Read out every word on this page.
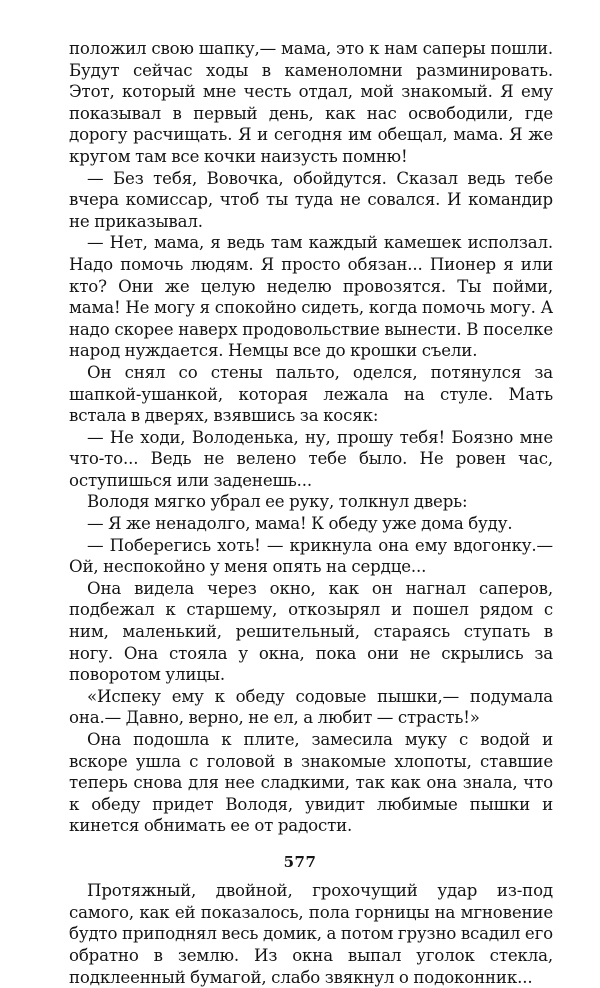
положил свою шапку,— мама, это к нам саперы пошли. Будут сейчас ходы в каменоломни разминировать. Этот, который мне честь отдал, мой знакомый. Я ему показывал в первый день, как нас освободили, где дорогу расчищать. Я и сегодня им обещал, мама. Я же кругом там все кочки наизусть помню!

— Без тебя, Вовочка, обойдутся. Сказал ведь тебе вчера комиссар, чтоб ты туда не совался. И командир не приказывал.

— Нет, мама, я ведь там каждый камешек исползал. Надо помочь людям. Я просто обязан... Пионер я или кто? Они же целую неделю провозятся. Ты пойми, мама! Не могу я спокойно сидеть, когда помочь могу. А надо скорее наверх продовольствие вынести. В поселке народ нуждается. Немцы все до крошки съели.

Он снял со стены пальто, оделся, потянулся за шапкой-ушанкой, которая лежала на стуле. Мать встала в дверях, взявшись за косяк:

— Не ходи, Володенька, ну, прошу тебя! Боязно мне что-то... Ведь не велено тебе было. Не ровен час, оступишься или заденешь...

Володя мягко убрал ее руку, толкнул дверь:

— Я же ненадолго, мама! К обеду уже дома буду.

— Поберегись хоть! — крикнула она ему вдогонку.— Ой, неспокойно у меня опять на сердце...

Она видела через окно, как он нагнал саперов, подбежал к старшему, откозырял и пошел рядом с ним, маленький, решительный, стараясь ступать в ногу. Она стояла у окна, пока они не скрылись за поворотом улицы.

«Испеку ему к обеду содовые пышки,— подумала она.— Давно, верно, не ел, а любит — страсть!»

Она подошла к плите, замесила муку с водой и вскоре ушла с головой в знакомые хлопоты, ставшие теперь снова для нее сладкими, так как она знала, что к обеду придет Володя, увидит любимые пышки и кинется обнимать ее от радости.

Протяжный, двойной, грохочущий удар из-под самого, как ей показалось, пола горницы на мгновение будто приподнял весь домик, а потом грузно всадил его обратно в землю. Из окна выпал уголок стекла, подклеенный бумагой, слабо звякнул о подоконник...

577
